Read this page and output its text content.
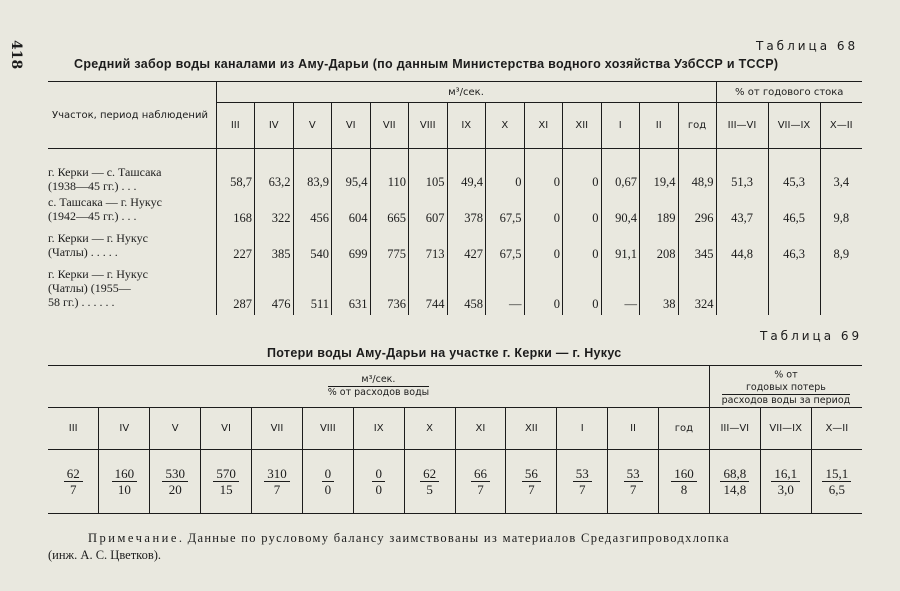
418	Таблица 68
Средний забор воды каналами из Аму-Дарьи (по данным Министерства водного хозяйства УзбССР и ТССР)
Участок, период наблюдений	м³/сек.													% от годового стока		
	III	IV	V	VI	VII	VIII	IX	X	XI	XII	I	II	год	III—VI	VII—IX	X—II

г. Керки — с. Ташсака
(1938—45 гг.) . . .	58,7	63,2	83,9	95,4	110	105	49,4	0	0	0	0,67	19,4	48,9	51,3	45,3	3,4

с. Ташсака — г. Нукус
(1942—45 гг.) . . .	168	322	456	604	665	607	378	67,5	0	0	90,4	189	296	43,7	46,5	9,8

г. Керки — г. Нукус
(Чатлы) . . . . .	227	385	540	699	775	713	427	67,5	0	0	91,1	208	345	44,8	46,3	8,9

г. Керки — г. Нукус
(Чатлы) (1955—
58 гг.) . . . . . .	287	476	511	631	736	744	458	—	0	0	—	38	324			
Таблица 69
Потери воды Аму-Дарьи на участке г. Керки — г. Нукус
$\frac{\text{м³/сек.}}{\text{\% от расходов воды}}$													% от
$\frac{\text{годовых потерь}}{\text{расходов воды за период}}$

III	IV	V	VI	VII	VIII	IX	X	XI	XII	I	II	год	III—VI	VII—IX	X—II

$\frac{62}{7}$	$\frac{160}{10}$	$\frac{530}{20}$	$\frac{570}{15}$	$\frac{310}{7}$	$\frac{0}{0}$	$\frac{0}{0}$	$\frac{62}{5}$	$\frac{66}{7}$	$\frac{56}{7}$	$\frac{53}{7}$	$\frac{53}{7}$	$\frac{160}{8}$	$\frac{68,8}{14,8}$	$\frac{16,1}{3,0}$	$\frac{15,1}{6,5}$
Примечание. Данные по русловому балансу заимствованы из материалов Средазгипроводхлопка
(инж. А. С. Цветков).
